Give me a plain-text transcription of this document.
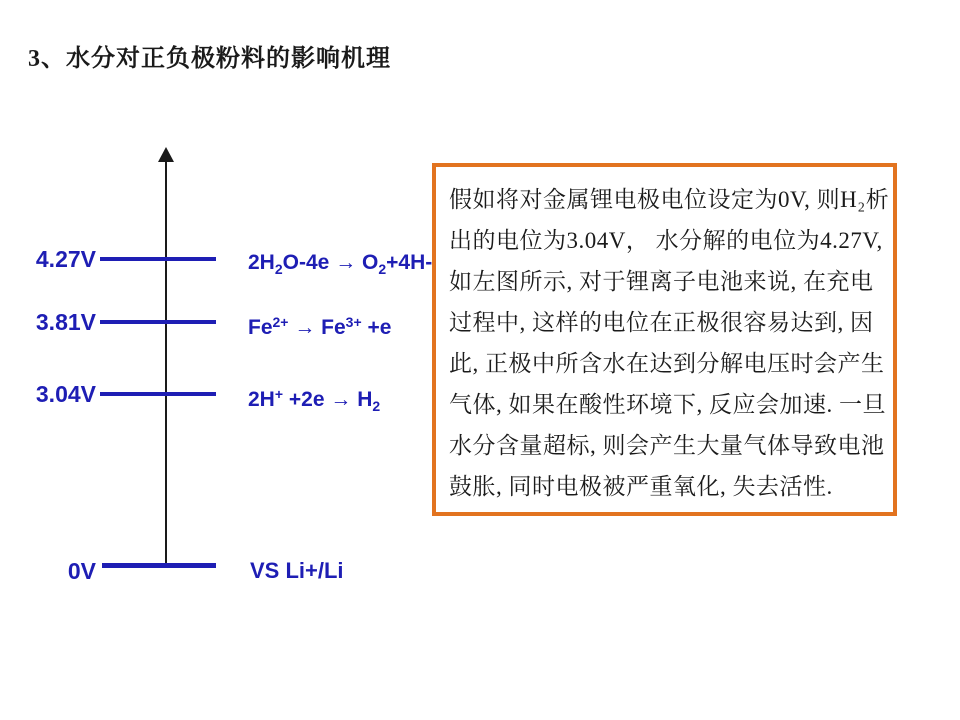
3、水分对正负极粉料的影响机理
4.27V	$2H_2O-4e \to O_2+4H-$
3.81V	$Fe^{2+} \to Fe^{3+} +e$
3.04V	$2H^+ +2e \to H_2$
0V	VS Li+/Li
假如将对金属锂电极电位设定为0V, 则H₂析
出的电位为3.04V， 水分解的电位为4.27V,
如左图所示, 对于锂离子电池来说, 在充电
过程中, 这样的电位在正极很容易达到, 因
此, 正极中所含水在达到分解电压时会产生
气体, 如果在酸性环境下, 反应会加速. 一旦
水分含量超标, 则会产生大量气体导致电池
鼓胀, 同时电极被严重氧化, 失去活性.
